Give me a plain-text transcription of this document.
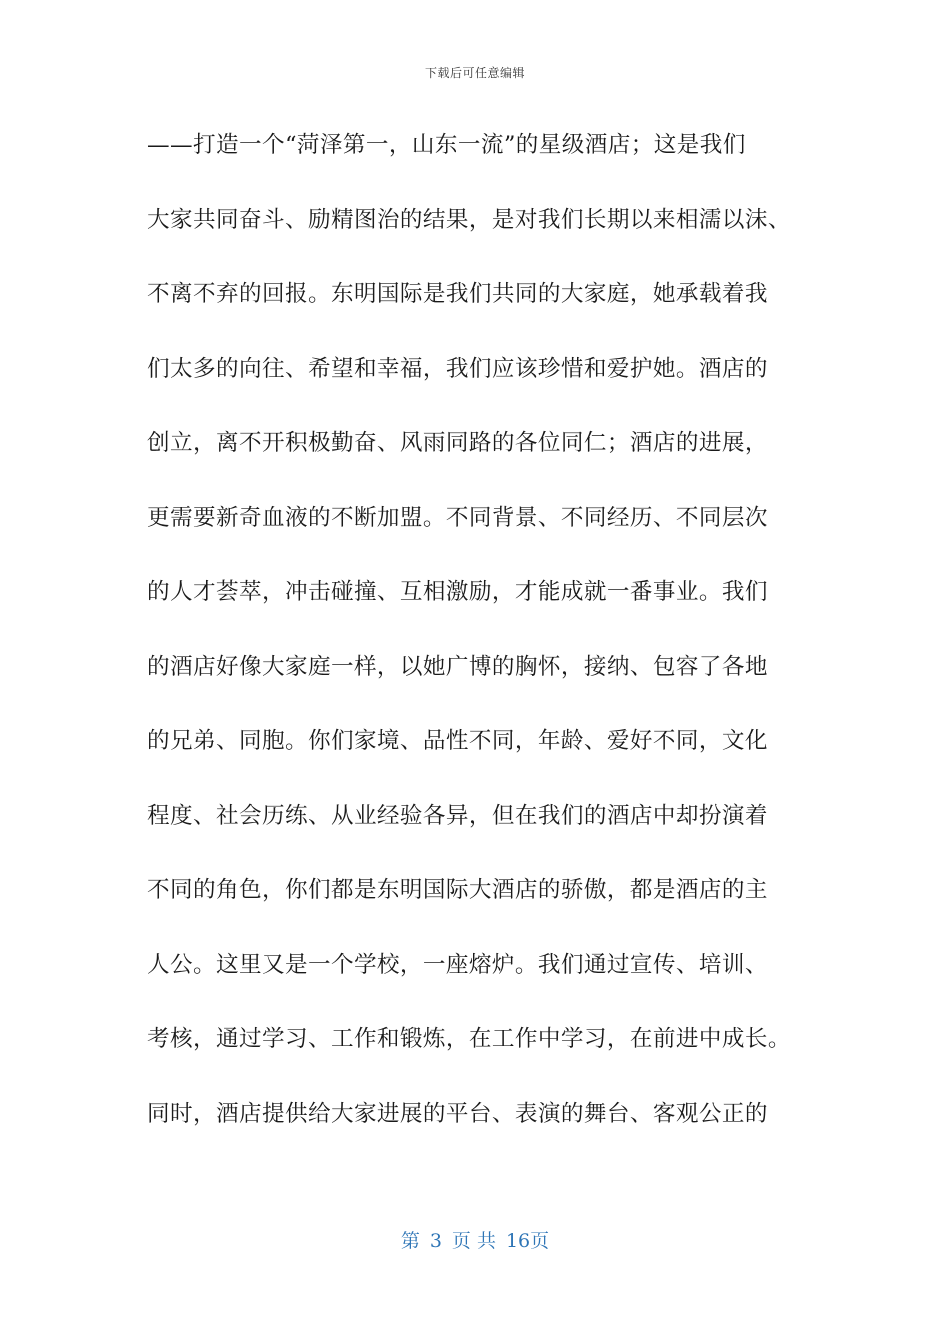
下载后可任意编辑
——打造一个“菏泽第一，山东一流”的星级酒店；这是我们
大家共同奋斗、励精图治的结果，是对我们长期以来相濡以沫、
不离不弃的回报。东明国际是我们共同的大家庭，她承载着我
们太多的向往、希望和幸福，我们应该珍惜和爱护她。酒店的
创立，离不开积极勤奋、风雨同路的各位同仁；酒店的进展，
更需要新奇血液的不断加盟。不同背景、不同经历、不同层次
的人才荟萃，冲击碰撞、互相激励，才能成就一番事业。我们
的酒店好像大家庭一样，以她广博的胸怀，接纳、包容了各地
的兄弟、同胞。你们家境、品性不同，年龄、爱好不同，文化
程度、社会历练、从业经验各异，但在我们的酒店中却扮演着
不同的角色，你们都是东明国际大酒店的骄傲，都是酒店的主
人公。这里又是一个学校，一座熔炉。我们通过宣传、培训、
考核，通过学习、工作和锻炼，在工作中学习，在前进中成长。
同时，酒店提供给大家进展的平台、表演的舞台、客观公正的
第 3 页 共 16页
